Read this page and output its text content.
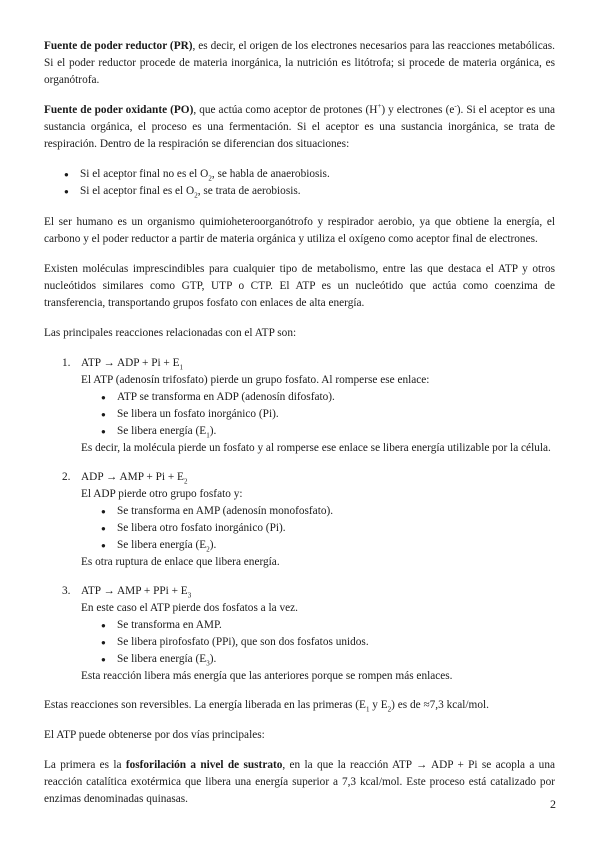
Fuente de poder reductor (PR), es decir, el origen de los electrones necesarios para las reacciones metabólicas. Si el poder reductor procede de materia inorgánica, la nutrición es litótrofa; si procede de materia orgánica, es organótrofa.

Fuente de poder oxidante (PO), que actúa como aceptor de protones (H+) y electrones (e-). Si el aceptor es una sustancia orgánica, el proceso es una fermentación. Si el aceptor es una sustancia inorgánica, se trata de respiración. Dentro de la respiración se diferencian dos situaciones:

● Si el aceptor final no es el $O_2$, se habla de anaerobiosis.
● Si el aceptor final es el $O_2$, se trata de aerobiosis.

El ser humano es un organismo quimioheteroorganótrofo y respirador aerobio, ya que obtiene la energía, el carbono y el poder reductor a partir de materia orgánica y utiliza el oxígeno como aceptor final de electrones.

Existen moléculas imprescindibles para cualquier tipo de metabolismo, entre las que destaca el ATP y otros nucleótidos similares como GTP, UTP o CTP. El ATP es un nucleótido que actúa como coenzima de transferencia, transportando grupos fosfato con enlaces de alta energía.

Las principales reacciones relacionadas con el ATP son:

1. ATP → ADP + $Pi + E_1$
El ATP (adenosín trifosfato) pierde un grupo fosfato. Al romperse ese enlace:
● ATP se transforma en ADP (adenosín difosfato).
● Se libera un fosfato inorgánico (Pi).
● Se libera energía $(E_1)$.
Es decir, la molécula pierde un fosfato y al romperse ese enlace se libera energía utilizable por la célula.
2. ADP → AMP + $Pi + E_2$
El ADP pierde otro grupo fosfato y:
● Se transforma en AMP (adenosín monofosfato).
● Se libera otro fosfato inorgánico (Pi).
● Se libera energía $(E_2)$.
Es otra ruptura de enlace que libera energía.
3. ATP → AMP + PPi + $E_3$
En este caso el ATP pierde dos fosfatos a la vez.
● Se transforma en AMP.
● Se libera pirofosfato (PPi), que son dos fosfatos unidos.
● Se libera energía $(E_3)$.
Esta reacción libera más energía que las anteriores porque se rompen más enlaces.

Estas reacciones son reversibles. La energía liberada en las primeras ($E_1$ y $E_2$) es de ≈7,3 kcal/mol.

El ATP puede obtenerse por dos vías principales:

La primera es la fosforilación a nivel de sustrato, en la que la reacción ATP → ADP + Pi se acopla a una reacción catalítica exotérmica que libera una energía superior a 7,3 kcal/mol. Este proceso está catalizado por enzimas denominadas quinasas.	2
